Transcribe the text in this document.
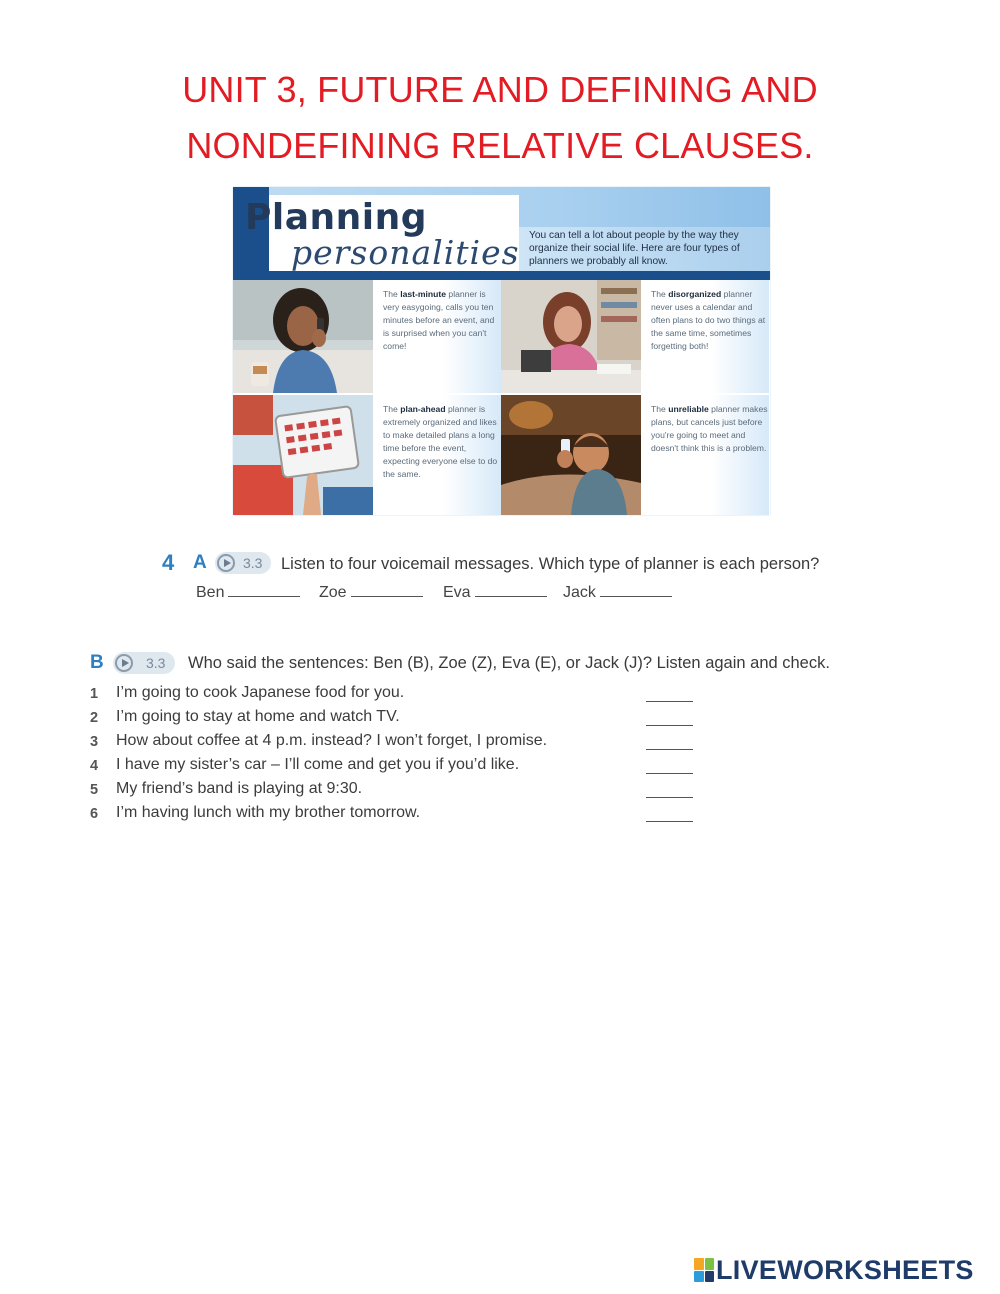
UNIT 3, FUTURE AND DEFINING AND
NONDEFINING RELATIVE CLAUSES.
Planning
personalities You can tell a lot about people by the way they organize their social life. Here are four types of planners we probably all know.
The last-minute planner is very easygoing, calls you ten minutes before an event, and is surprised when you can't come!
The disorganized planner never uses a calendar and often plans to do two things at the same time, sometimes forgetting both!
The plan-ahead planner is extremely organized and likes to make detailed plans a long time before the event, expecting everyone else to do the same.
The unreliable planner makes plans, but cancels just before you're going to meet and doesn't think this is a problem.
4 A	3.3 Listen to four voicemail messages. Which type of planner is each person?
Ben	Zoe	Eva	Jack
B	3.3 Who said the sentences: Ben (B), Zoe (Z), Eva (E), or Jack (J)? Listen again and check.
1	I’m going to cook Japanese food for you.
2	I’m going to stay at home and watch TV.
3	How about coffee at 4 p.m. instead? I won’t forget, I promise.
4	I have my sister’s car – I’ll come and get you if you’d like.
5	My friend’s band is playing at 9:30.
6	I’m having lunch with my brother tomorrow.
LIVEWORKSHEETS
